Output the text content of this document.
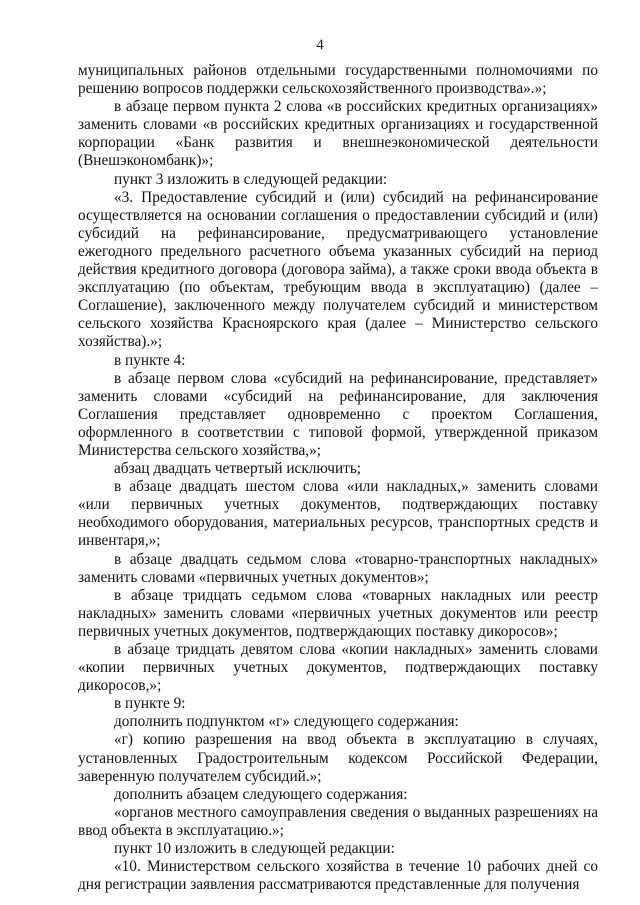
4

муниципальных районов отдельными государственными полномочиями по решению вопросов поддержки сельскохозяйственного производства».»;

в абзаце первом пункта 2 слова «в российских кредитных организациях» заменить словами «в российских кредитных организациях и государственной корпорации «Банк развития и внешнеэкономической деятельности (Внешэкономбанк)»;

пункт 3 изложить в следующей редакции:

«3. Предоставление субсидий и (или) субсидий на рефинансирование осуществляется на основании соглашения о предоставлении субсидий и (или) субсидий на рефинансирование, предусматривающего установление ежегодного предельного расчетного объема указанных субсидий на период действия кредитного договора (договора займа), а также сроки ввода объекта в эксплуатацию (по объектам, требующим ввода в эксплуатацию) (далее – Соглашение), заключенного между получателем субсидий и министерством сельского хозяйства Красноярского края (далее – Министерство сельского хозяйства).»;

в пункте 4:

в абзаце первом слова «субсидий на рефинансирование, представляет» заменить словами «субсидий на рефинансирование, для заключения Соглашения представляет одновременно с проектом Соглашения, оформленного в соответствии с типовой формой, утвержденной приказом Министерства сельского хозяйства,»;

абзац двадцать четвертый исключить;

в абзаце двадцать шестом слова «или накладных,» заменить словами «или первичных учетных документов, подтверждающих поставку необходимого оборудования, материальных ресурсов, транспортных средств и инвентаря,»;

в абзаце двадцать седьмом слова «товарно-транспортных накладных» заменить словами «первичных учетных документов»;

в абзаце тридцать седьмом слова «товарных накладных или реестр накладных» заменить словами «первичных учетных документов или реестр первичных учетных документов, подтверждающих поставку дикоросов»;

в абзаце тридцать девятом слова «копии накладных» заменить словами «копии первичных учетных документов, подтверждающих поставку дикоросов,»;

в пункте 9:

дополнить подпунктом «г» следующего содержания:

«г) копию разрешения на ввод объекта в эксплуатацию в случаях, установленных Градостроительным кодексом Российской Федерации, заверенную получателем субсидий.»;

дополнить абзацем следующего содержания:

«органов местного самоуправления сведения о выданных разрешениях на ввод объекта в эксплуатацию.»;

пункт 10 изложить в следующей редакции:

«10. Министерством сельского хозяйства в течение 10 рабочих дней со дня регистрации заявления рассматриваются представленные для получения
